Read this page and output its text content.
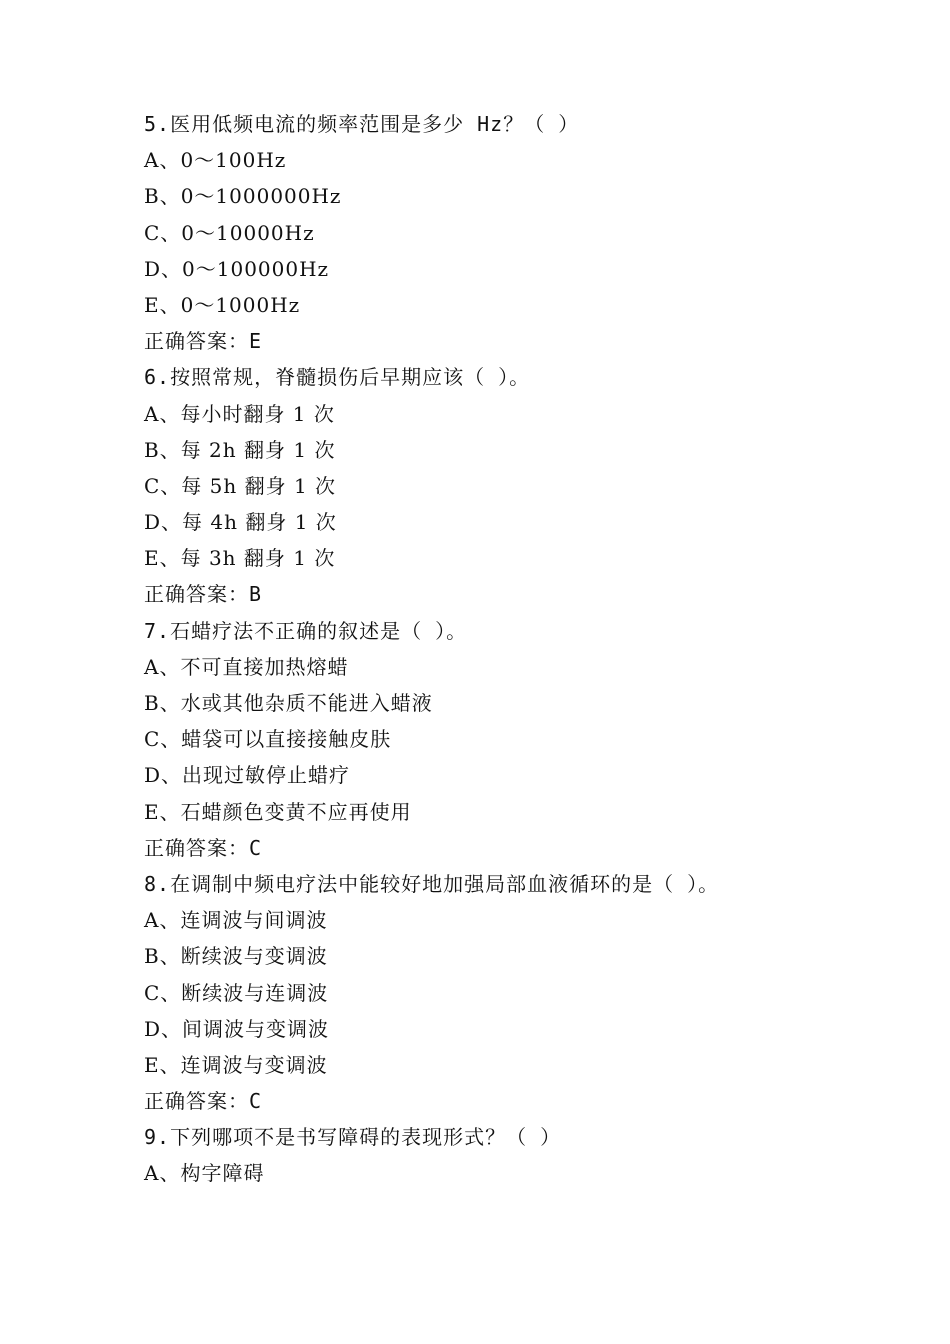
5.医用低频电流的频率范围是多少 Hz？（ ）
A、0～100Hz
B、0～1000000Hz
C、0～10000Hz
D、0～100000Hz
E、0～1000Hz
正确答案：E
6.按照常规，脊髓损伤后早期应该（ ）。
A、每小时翻身 1 次
B、每 2h 翻身 1 次
C、每 5h 翻身 1 次
D、每 4h 翻身 1 次
E、每 3h 翻身 1 次
正确答案：B
7.石蜡疗法不正确的叙述是（ ）。
A、不可直接加热熔蜡
B、水或其他杂质不能进入蜡液
C、蜡袋可以直接接触皮肤
D、出现过敏停止蜡疗
E、石蜡颜色变黄不应再使用
正确答案：C
8.在调制中频电疗法中能较好地加强局部血液循环的是（ ）。
A、连调波与间调波
B、断续波与变调波
C、断续波与连调波
D、间调波与变调波
E、连调波与变调波
正确答案：C
9.下列哪项不是书写障碍的表现形式？（ ）
A、构字障碍
